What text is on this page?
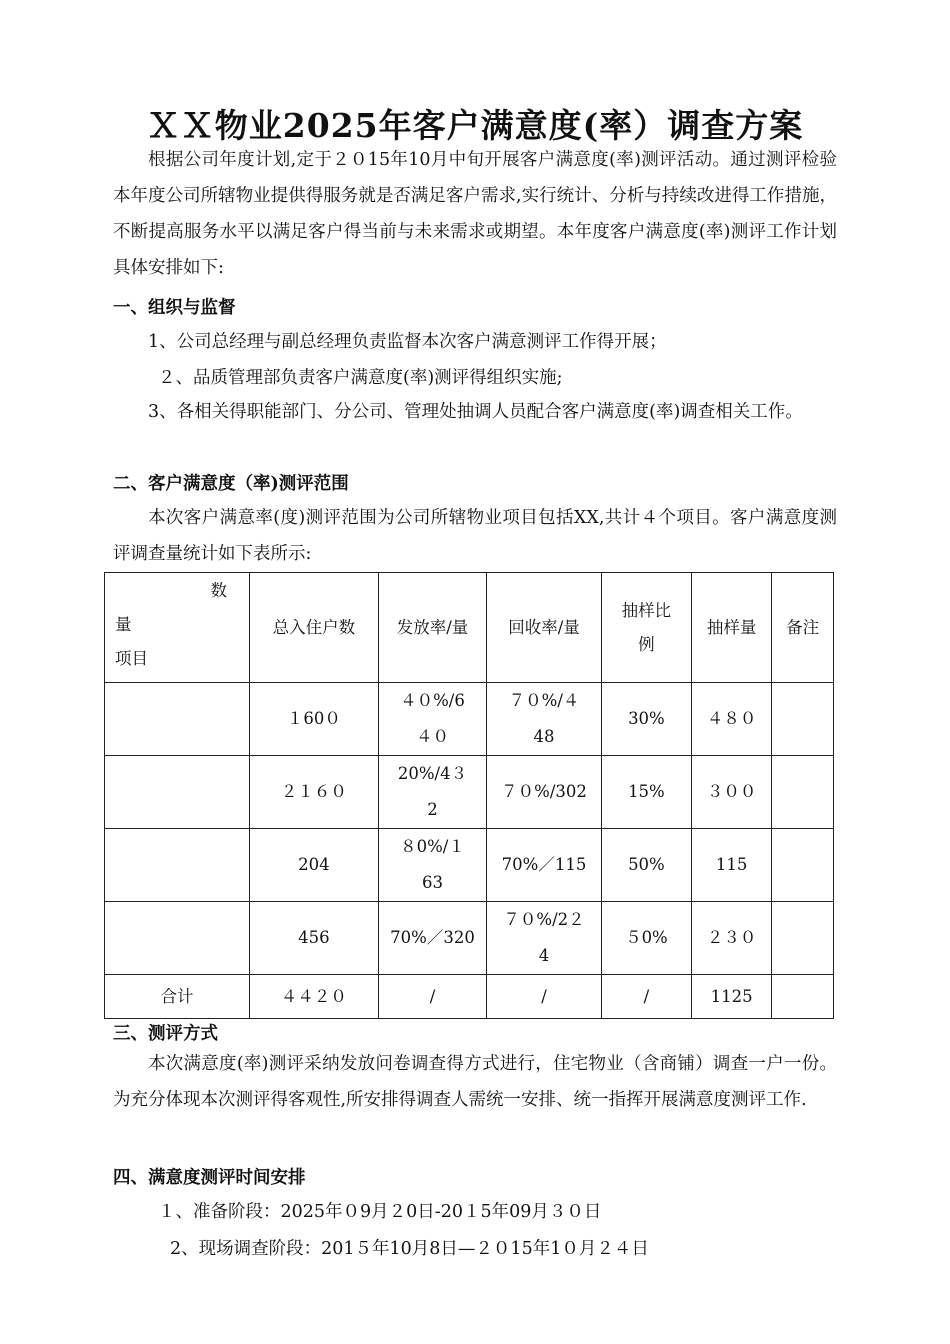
ＸＸ物业2025年客户满意度(率）调查方案

根据公司年度计划,定于２０15年10月中旬开展客户满意度(率)测评活动。通过测评检验本年度公司所辖物业提供得服务就是否满足客户需求,实行统计、分析与持续改进得工作措施，不断提高服务水平以满足客户得当前与未来需求或期望。本年度客户满意度(率)测评工作计划具体安排如下:

一、组织与监督
1、公司总经理与副总经理负责监督本次客户满意测评工作得开展；
２、品质管理部负责客户满意度(率)测评得组织实施;

3、各相关得职能部门、分公司、管理处抽调人员配合客户满意度(率)调查相关工作。

二、客户满意度（率)测评范围

本次客户满意率(度)测评范围为公司所辖物业项目包括XX,共计４个项目。客户满意度测评调查量统计如下表所示:

数
量
项目	总入住户数	发放率/量	回收率/量	抽样比例	抽样量	备注
	１60０	４０%/6４０	７０%/４48	30%	４８０	
	２１６０	20%/4３2	７０%/302	15%	３００	
	204	８0%/１63	70%／115	50%	115	
	456	70%／320	７０%/2２4	５0%	２３０	
合计	４４２０	/	/	/	1125	
三、测评方式

本次满意度(率)测评采纳发放问卷调查得方式进行，住宅物业（含商铺）调查一户一份。为充分体现本次测评得客观性,所安排得调查人需统一安排、统一指挥开展满意度测评工作.

四、满意度测评时间安排
１、准备阶段：2025年０9月２0日-20１5年09月３０日
2、现场调查阶段：201５年10月8日—２０15年1０月２４日
